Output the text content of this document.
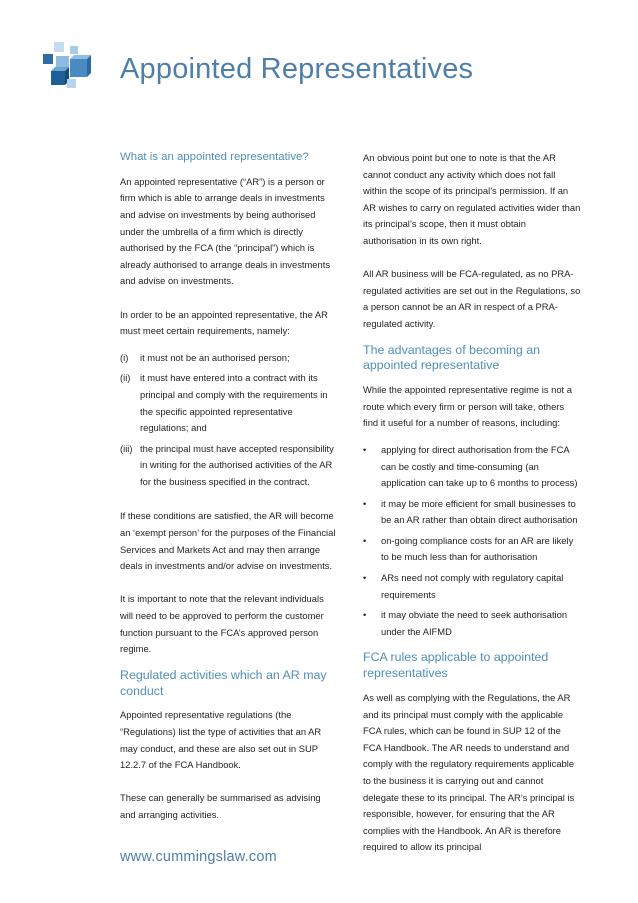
Appointed Representatives
What is an appointed representative?

An appointed representative (“AR”) is a person or firm which is able to arrange deals in investments and advise on investments by being authorised under the umbrella of a firm which is directly authorised by the FCA (the “principal”) which is already authorised to arrange deals in investments and advise on investments.

In order to be an appointed representative, the AR must meet certain requirements, namely:

(i) it must not be an authorised person;
(ii) it must have entered into a contract with its principal and comply with the requirements in the specific appointed representative regulations; and
(iii) the principal must have accepted responsibility in writing for the authorised activities of the AR for the business specified in the contract.

If these conditions are satisfied, the AR will become an ‘exempt person’ for the purposes of the Financial Services and Markets Act and may then arrange deals in investments and/or advise on investments.

It is important to note that the relevant individuals will need to be approved to perform the customer function pursuant to the FCA’s approved person regime.

Regulated activities which an AR may conduct

Appointed representative regulations (the “Regulations) list the type of activities that an AR may conduct, and these are also set out in SUP 12.2.7 of the FCA Handbook.

These can generally be summarised as advising and arranging activities.

An obvious point but one to note is that the AR cannot conduct any activity which does not fall within the scope of its principal’s permission. If an AR wishes to carry on regulated activities wider than its principal’s scope, then it must obtain authorisation in its own right.

All AR business will be FCA-regulated, as no PRA-regulated activities are set out in the Regulations, so a person cannot be an AR in respect of a PRA-regulated activity.

The advantages of becoming an appointed representative

While the appointed representative regime is not a route which every firm or person will take, others find it useful for a number of reasons, including:

• applying for direct authorisation from the FCA can be costly and time-consuming (an application can take up to 6 months to process)
• it may be more efficient for small businesses to be an AR rather than obtain direct authorisation
• on-going compliance costs for an AR are likely to be much less than for authorisation
• ARs need not comply with regulatory capital requirements
• it may obviate the need to seek authorisation under the AIFMD
FCA rules applicable to appointed representatives

As well as complying with the Regulations, the AR and its principal must comply with the applicable FCA rules, which can be found in SUP 12 of the FCA Handbook. The AR needs to understand and comply with the regulatory requirements applicable to the business it is carrying out and cannot delegate these to its principal. The AR’s principal is responsible, however, for ensuring that the AR complies with the Handbook. An AR is therefore required to allow its principal

www.cummingslaw.com
